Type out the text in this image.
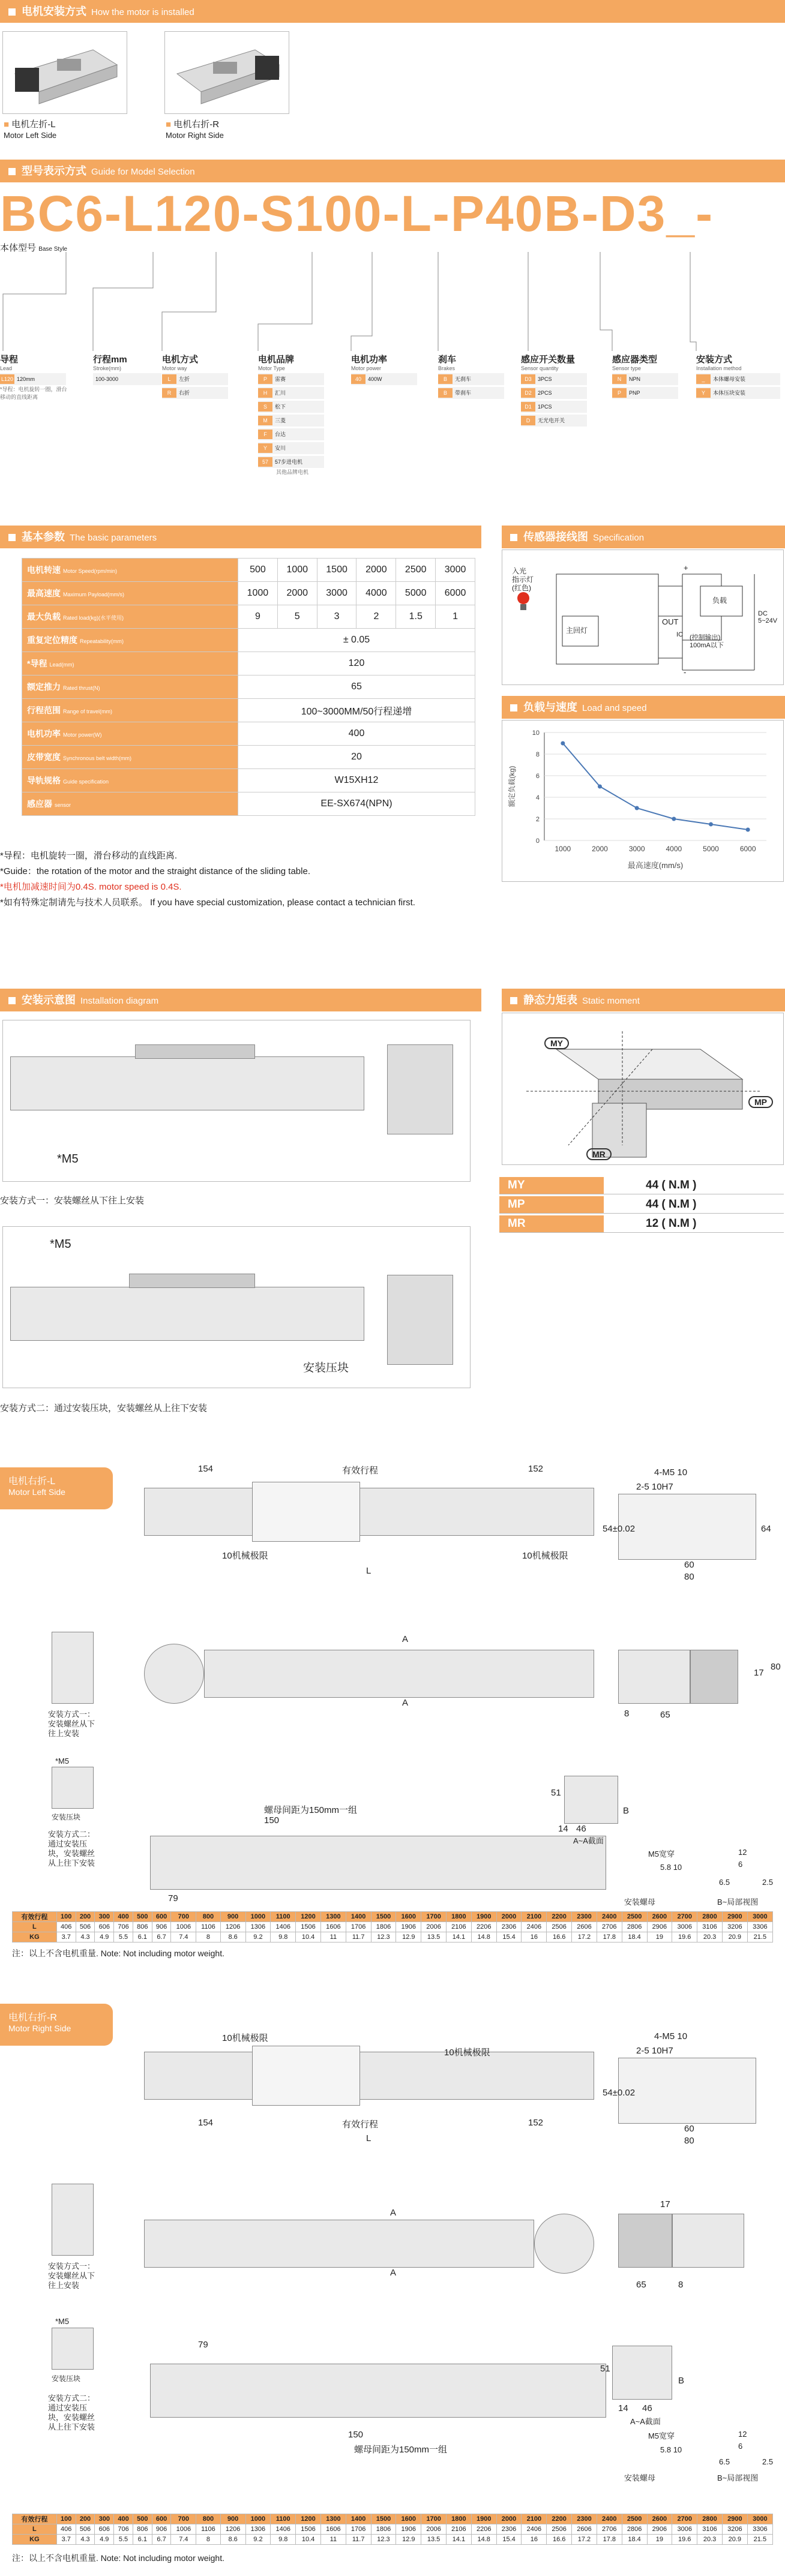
电机安装方式 How the motor is installed
■ 电机左折-L
Motor Left Side
■ 电机右折-R
Motor Right Side
型号表示方式 Guide for Model Selection
BC6-L120-S100-L-P40B-D3_-
本体型号 Base Style
导程
Lead
L120 120mm
*导程：电机旋转一圈，滑台移动的直线距离
行程mm
Stroke(mm)
100-3000
电机方式
Motor way
L 左折
R 右折
电机品牌
Motor Type
P 雷赛
H 汇川
S 松下
M 三菱
F 台达
Y 安川
57 57步进电机
其他品牌电机
电机功率
Motor power
40 400W
刹车
Brakes
B 无刹车
B 带刹车
感应开关数量
Sensor quantity
D3 3PCS
D2 2PCS
D1 1PCS
D 无光电开关
感应器类型
Sensor type
N NPN
P PNP
安装方式
Installation method
_ 本体螺母安装
Y 本体压块安装
基本参数 The basic parameters
电机转速 Motor Speed(rpm/min)	500	1000	1500	2000	2500	3000
最高速度 Maximum Payload(mm/s)	1000	2000	3000	4000	5000	6000
最大负载 Rated load(kg)(水平使用)	9	5	3	2	1.5	1
重复定位精度 Repeatability(mm)	± 0.05					
*导程 Lead(mm)	120					
额定推力 Rated thrust(N)	65					
行程范围 Range of travel(mm)	100~3000MM/50行程递增					
电机功率 Motor power(W)	400					
皮带宽度 Synchronous belt width(mm)	20					
导轨规格 Guide specification	W15XH12					
感应器 sensor	EE-SX674(NPN)					
*导程：电机旋转一圈，滑台移动的直线距离.
*Guide：the rotation of the motor and the straight distance of the sliding table.
*电机加减速时间为0.4S. motor speed is 0.4S.
*如有特殊定制请先与技术人员联系。 If you have special customization, please contact a technician first.
传感器接线图 Specification
入光
指示灯
(红色)
主回灯
负载
OUT
IC
DC
5~24V
(控制输出)
100mA以下
+
-
负载与速度 Load and speed
0
2
4
6
8
10
1000	2000	3000	4000	5000	6000
最高速度(mm/s)
额定负载(kg)
安装示意图 Installation diagram
*M5
安装方式一：安装螺丝从下往上安装
*M5
安装压块
安装方式二：通过安装压块，安装螺丝从上往下安装
静态力矩表 Static moment
MY
MP
MR
MY	44 ( N.M )
MP	44 ( N.M )
MR	12 ( N.M )
电机右折-L
Motor Left Side
154	有效行程	152
10机械极限
10机械极限
L
4-M5 10
2-5 10H7
54±0.02	64
60
80
安装方式一：安装螺丝从下往上安装
A
A
17
80
8	65
安装压块
*M5
安装方式二：通过安装压块，安装螺丝从上往下安装
螺母间距为150mm一组
150
79
51
14 46
B
A~A截面
M5宽穿
5.8 10
安装螺母
12
6
6.5	2.5
B~局部视图
有效行程	100	200	300	400	500	600	700	800	900	1000	1100	1200	1300	1400	1500	1600	1700	1800	1900	2000	2100	2200	2300	2400	2500	2600	2700	2800	2900	3000
L	406	506	606	706	806	906	1006	1106	1206	1306	1406	1506	1606	1706	1806	1906	2006	2106	2206	2306	2406	2506	2606	2706	2806	2906	3006	3106	3206	3306
KG	3.7	4.3	4.9	5.5	6.1	6.7	7.4	8	8.6	9.2	9.8	10.4	11	11.7	12.3	12.9	13.5	14.1	14.8	15.4	16	16.6	17.2	17.8	18.4	19	19.6	20.3	20.9	21.5
注：以上不含电机重量. Note: Not including motor weight.
电机右折-R
Motor Right Side
10机械极限
10机械极限
154	有效行程	152
L
4-M5 10
2-5 10H7
54±0.02
60
80
安装方式一：安装螺丝从下往上安装
A
A
17
65	8
*M5
安装压块
安装方式二：通过安装压块，安装螺丝从上往下安装
79
150
螺母间距为150mm一组
51
14 46
B
A~A截面
M5宽穿
5.8 10
安装螺母
12
6
6.5	2.5
B~局部视图
有效行程	100	200	300	400	500	600	700	800	900	1000	1100	1200	1300	1400	1500	1600	1700	1800	1900	2000	2100	2200	2300	2400	2500	2600	2700	2800	2900	3000
L	406	506	606	706	806	906	1006	1106	1206	1306	1406	1506	1606	1706	1806	1906	2006	2106	2206	2306	2406	2506	2606	2706	2806	2906	3006	3106	3206	3306
KG	3.7	4.3	4.9	5.5	6.1	6.7	7.4	8	8.6	9.2	9.8	10.4	11	11.7	12.3	12.9	13.5	14.1	14.8	15.4	16	16.6	17.2	17.8	18.4	19	19.6	20.3	20.9	21.5
注：以上不含电机重量. Note: Not including motor weight.
